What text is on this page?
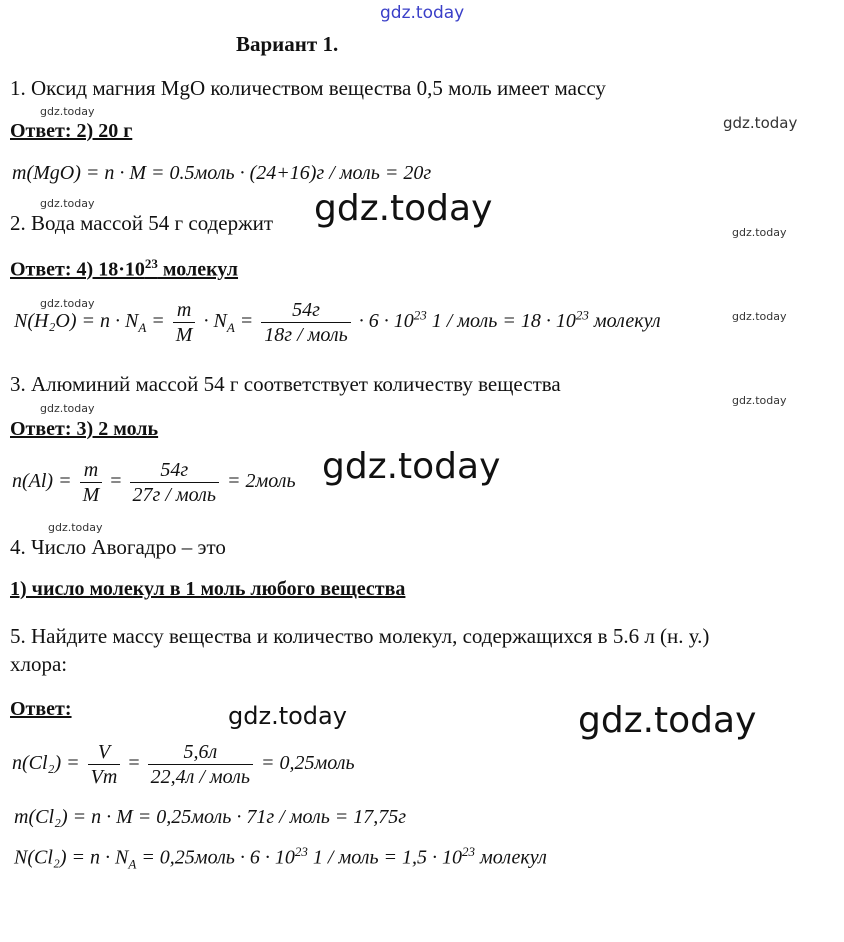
gdz.today
gdz.today
gdz.today
gdz.today	gdz.today
gdz.today
gdz.today
gdz.today
gdz.today
gdz.today
gdz.today
gdz.today
gdz.today	gdz.today
Вариант 1.
1. Оксид магния MgO количеством вещества 0,5 моль имеет массу
Ответ: 2) 20 г
m(MgO) = n · M = 0.5моль · (24+16)г / моль = 20г
2. Вода массой 54 г содержит
Ответ: 4) $18\cdot 10^{23}$ молекул
$N(H_2O) = n \cdot N_A = \frac{m}{M} \cdot N_A = \frac{54г}{\text{18г / моль}} \cdot 6 \cdot 10^{23}$ 1 / моль = $18 \cdot 10^{23}$ молекул
3. Алюминий массой 54 г соответствует количеству вещества
Ответ: 3) 2 моль
$n(Al) = \frac{m}{M} = \frac{54г}{\text{27г / моль}}$ = 2моль
4. Число Авогадро – это
1) число молекул в 1 моль любого вещества
5. Найдите массу вещества и количество молекул, содержащихся в 5.6 л (н. у.)
хлора:
Ответ:
$n(Cl_2) = \frac{V}{Vm} = \frac{5,6л}{\text{22,4л / моль}}$ = 0,25моль
m(Cl₂) = n · M = 0,25моль · 71г / моль = 17,75г
$N(Cl_2) = n \cdot N_A$ = 0,25моль · $6 \cdot 10^{23}$ 1 / моль = $1,5 \cdot 10^{23}$ молекул
